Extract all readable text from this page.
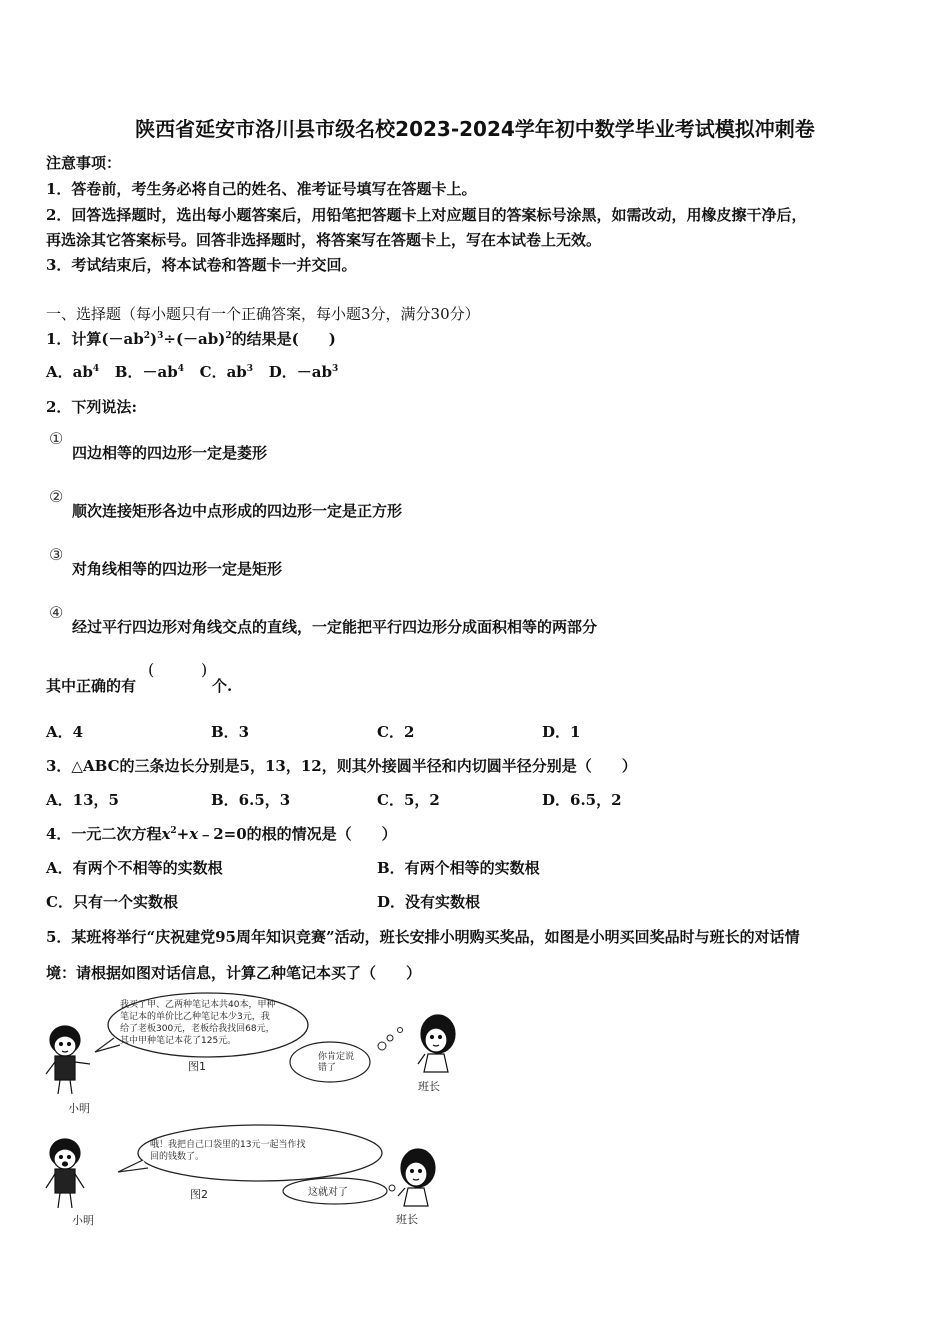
陕西省延安市洛川县市级名校2023-2024学年初中数学毕业考试模拟冲刺卷
注意事项：
1．答卷前，考生务必将自己的姓名、准考证号填写在答题卡上。
2．回答选择题时，选出每小题答案后，用铅笔把答题卡上对应题目的答案标号涂黑，如需改动，用橡皮擦干净后，
再选涂其它答案标号。回答非选择题时，将答案写在答题卡上，写在本试卷上无效。
3．考试结束后，将本试卷和答题卡一并交回。
一、选择题（每小题只有一个正确答案，每小题3分，满分30分）
1．计算$(-ab^2)^3\div(-ab)^2$的结果是(　　)
A．$ab^4$ B．$-ab^4$ C．$ab^3$ D．$-ab^3$
2．下列说法:
①
四边相等的四边形一定是菱形
②
顺次连接矩形各边中点形成的四边形一定是正方形
③
对角线相等的四边形一定是矩形
④
经过平行四边形对角线交点的直线，一定能把平行四边形分成面积相等的两部分
其中正确的有
(	)
个.
A．4	B．3	C．2	D．1
3．△ABC的三条边长分别是5，13，12，则其外接圆半径和内切圆半径分别是（　　）
A．13，5	B．6.5，3	C．5，2	D．6.5，2
4．一元二次方程$x^2+x﹣2=0$的根的情况是（　　）
A．有两个不相等的实数根	B．有两个相等的实数根
C．只有一个实数根	D．没有实数根
5．某班将举行“庆祝建党95周年知识竞赛”活动，班长安排小明购买奖品，如图是小明买回奖品时与班长的对话情
境：请根据如图对话信息，计算乙种笔记本买了（　　）
我买了甲、乙两种笔记本共40本，甲种 笔记本的单价比乙种笔记本少3元，我 给了老板300元，老板给我找回68元， 其中甲种笔记本花了125元。
小明
图1
你肯定说 错了
班长
哦！我把自己口袋里的13元一起当作找 回的钱数了。
小明
图2	这就对了
班长
